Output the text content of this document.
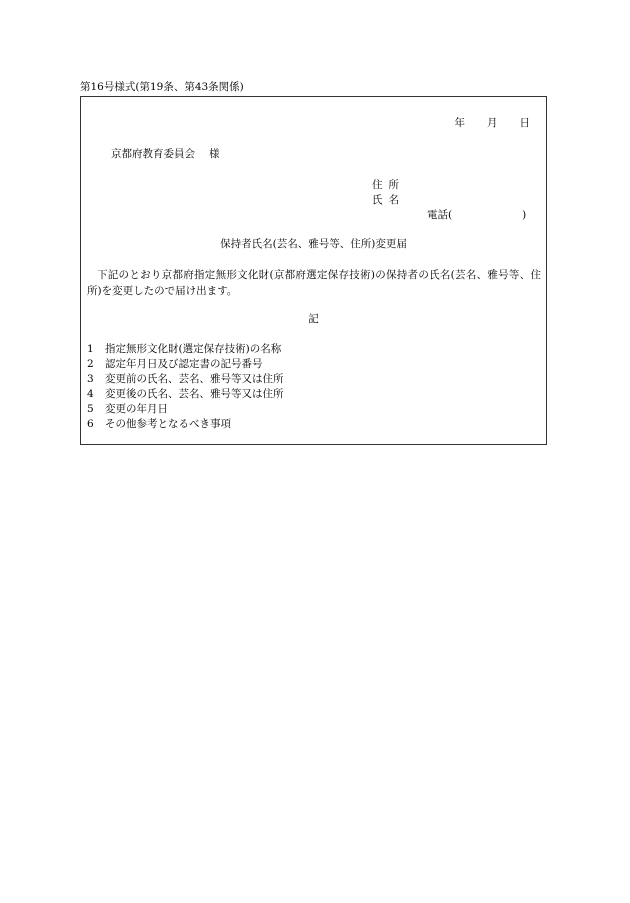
第16号様式(第19条、第43条関係)
年 月 日
京都府教育委員会 様
住所
氏名
電話(	)
保持者氏名(芸名、雅号等、住所)変更届
下記のとおり京都府指定無形文化財(京都府選定保存技術)の保持者の氏名(芸名、雅号等、住所)を変更したので届け出ます。
記
1 指定無形文化財(選定保存技術)の名称
2 認定年月日及び認定書の記号番号
3 変更前の氏名、芸名、雅号等又は住所
4 変更後の氏名、芸名、雅号等又は住所
5 変更の年月日
6 その他参考となるべき事項
